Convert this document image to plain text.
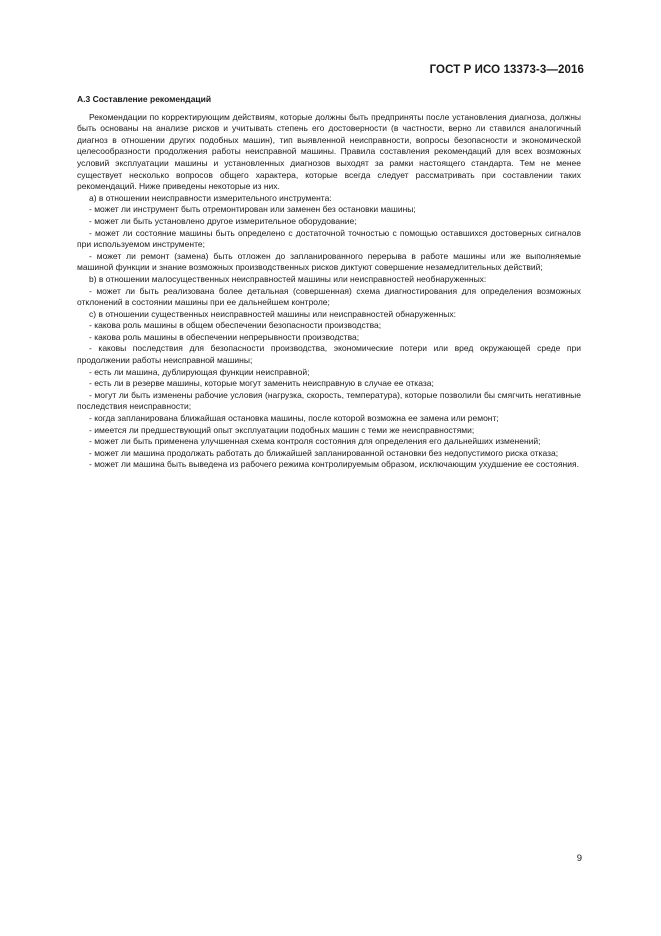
ГОСТ Р ИСО 13373-3—2016
А.3 Составление рекомендаций

Рекомендации по корректирующим действиям, которые должны быть предприняты после установления диагноза, должны быть основаны на анализе рисков и учитывать степень его достоверности (в частности, верно ли ставился аналогичный диагноз в отношении других подобных машин), тип выявленной неисправности, вопросы безопасности и экономической целесообразности продолжения работы неисправной машины. Правила составления рекомендаций для всех возможных условий эксплуатации машины и установленных диагнозов выходят за рамки настоящего стандарта. Тем не менее существует несколько вопросов общего характера, которые всегда следует рассматривать при составлении таких рекомендаций. Ниже приведены некоторые из них.

а) в отношении неисправности измерительного инструмента:

- может ли инструмент быть отремонтирован или заменен без остановки машины;

- может ли быть установлено другое измерительное оборудование;

- может ли состояние машины быть определено с достаточной точностью с помощью оставшихся достоверных сигналов при используемом инструменте;

- может ли ремонт (замена) быть отложен до запланированного перерыва в работе машины или же выполняемые машиной функции и знание возможных производственных рисков диктуют совершение незамедлительных действий;

b) в отношении малосущественных неисправностей машины или неисправностей необнаруженных:

- может ли быть реализована более детальная (совершенная) схема диагностирования для определения возможных отклонений в состоянии машины при ее дальнейшем контроле;

с) в отношении существенных неисправностей машины или неисправностей обнаруженных:

- какова роль машины в общем обеспечении безопасности производства;

- какова роль машины в обеспечении непрерывности производства;

- каковы последствия для безопасности производства, экономические потери или вред окружающей среде при продолжении работы неисправной машины;

- есть ли машина, дублирующая функции неисправной;

- есть ли в резерве машины, которые могут заменить неисправную в случае ее отказа;

- могут ли быть изменены рабочие условия (нагрузка, скорость, температура), которые позволили бы смягчить негативные последствия неисправности;

- когда запланирована ближайшая остановка машины, после которой возможна ее замена или ремонт;

- имеется ли предшествующий опыт эксплуатации подобных машин с теми же неисправностями;

- может ли быть применена улучшенная схема контроля состояния для определения его дальнейших изменений;

- может ли машина продолжать работать до ближайшей запланированной остановки без недопустимого риска отказа;

- может ли машина быть выведена из рабочего режима контролируемым образом, исключающим ухудшение ее состояния.

9
